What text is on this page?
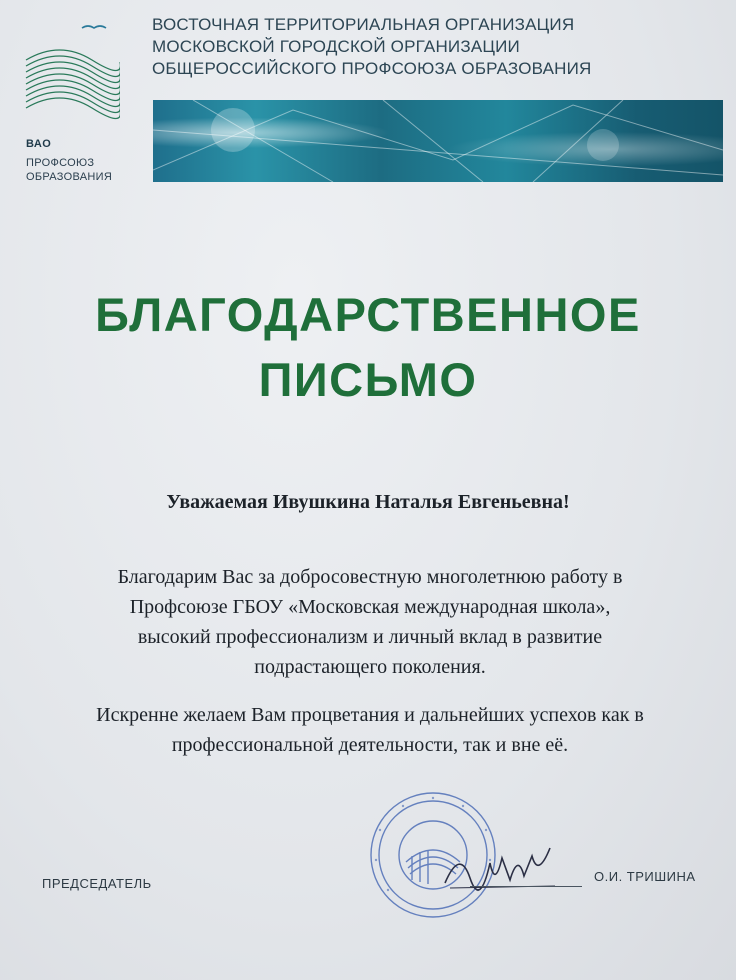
ВАО
ПРОФСОЮЗ
ОБРАЗОВАНИЯ
ВОСТОЧНАЯ ТЕРРИТОРИАЛЬНАЯ ОРГАНИЗАЦИЯ
МОСКОВСКОЙ ГОРОДСКОЙ ОРГАНИЗАЦИИ
ОБЩЕРОССИЙСКОГО ПРОФСОЮЗА ОБРАЗОВАНИЯ
БЛАГОДАРСТВЕННОЕ
ПИСЬМО
Уважаемая Ивушкина Наталья Евгеньевна!
Благодарим Вас за добросовестную многолетнюю работу в
Профсоюзе ГБОУ «Московская международная школа»,
высокий профессионализм и личный вклад в развитие
подрастающего поколения.
Искренне желаем Вам процветания и дальнейших успехов как в
профессиональной деятельности, так и вне её.
ПРЕДСЕДАТЕЛЬ	О.И. ТРИШИНА
